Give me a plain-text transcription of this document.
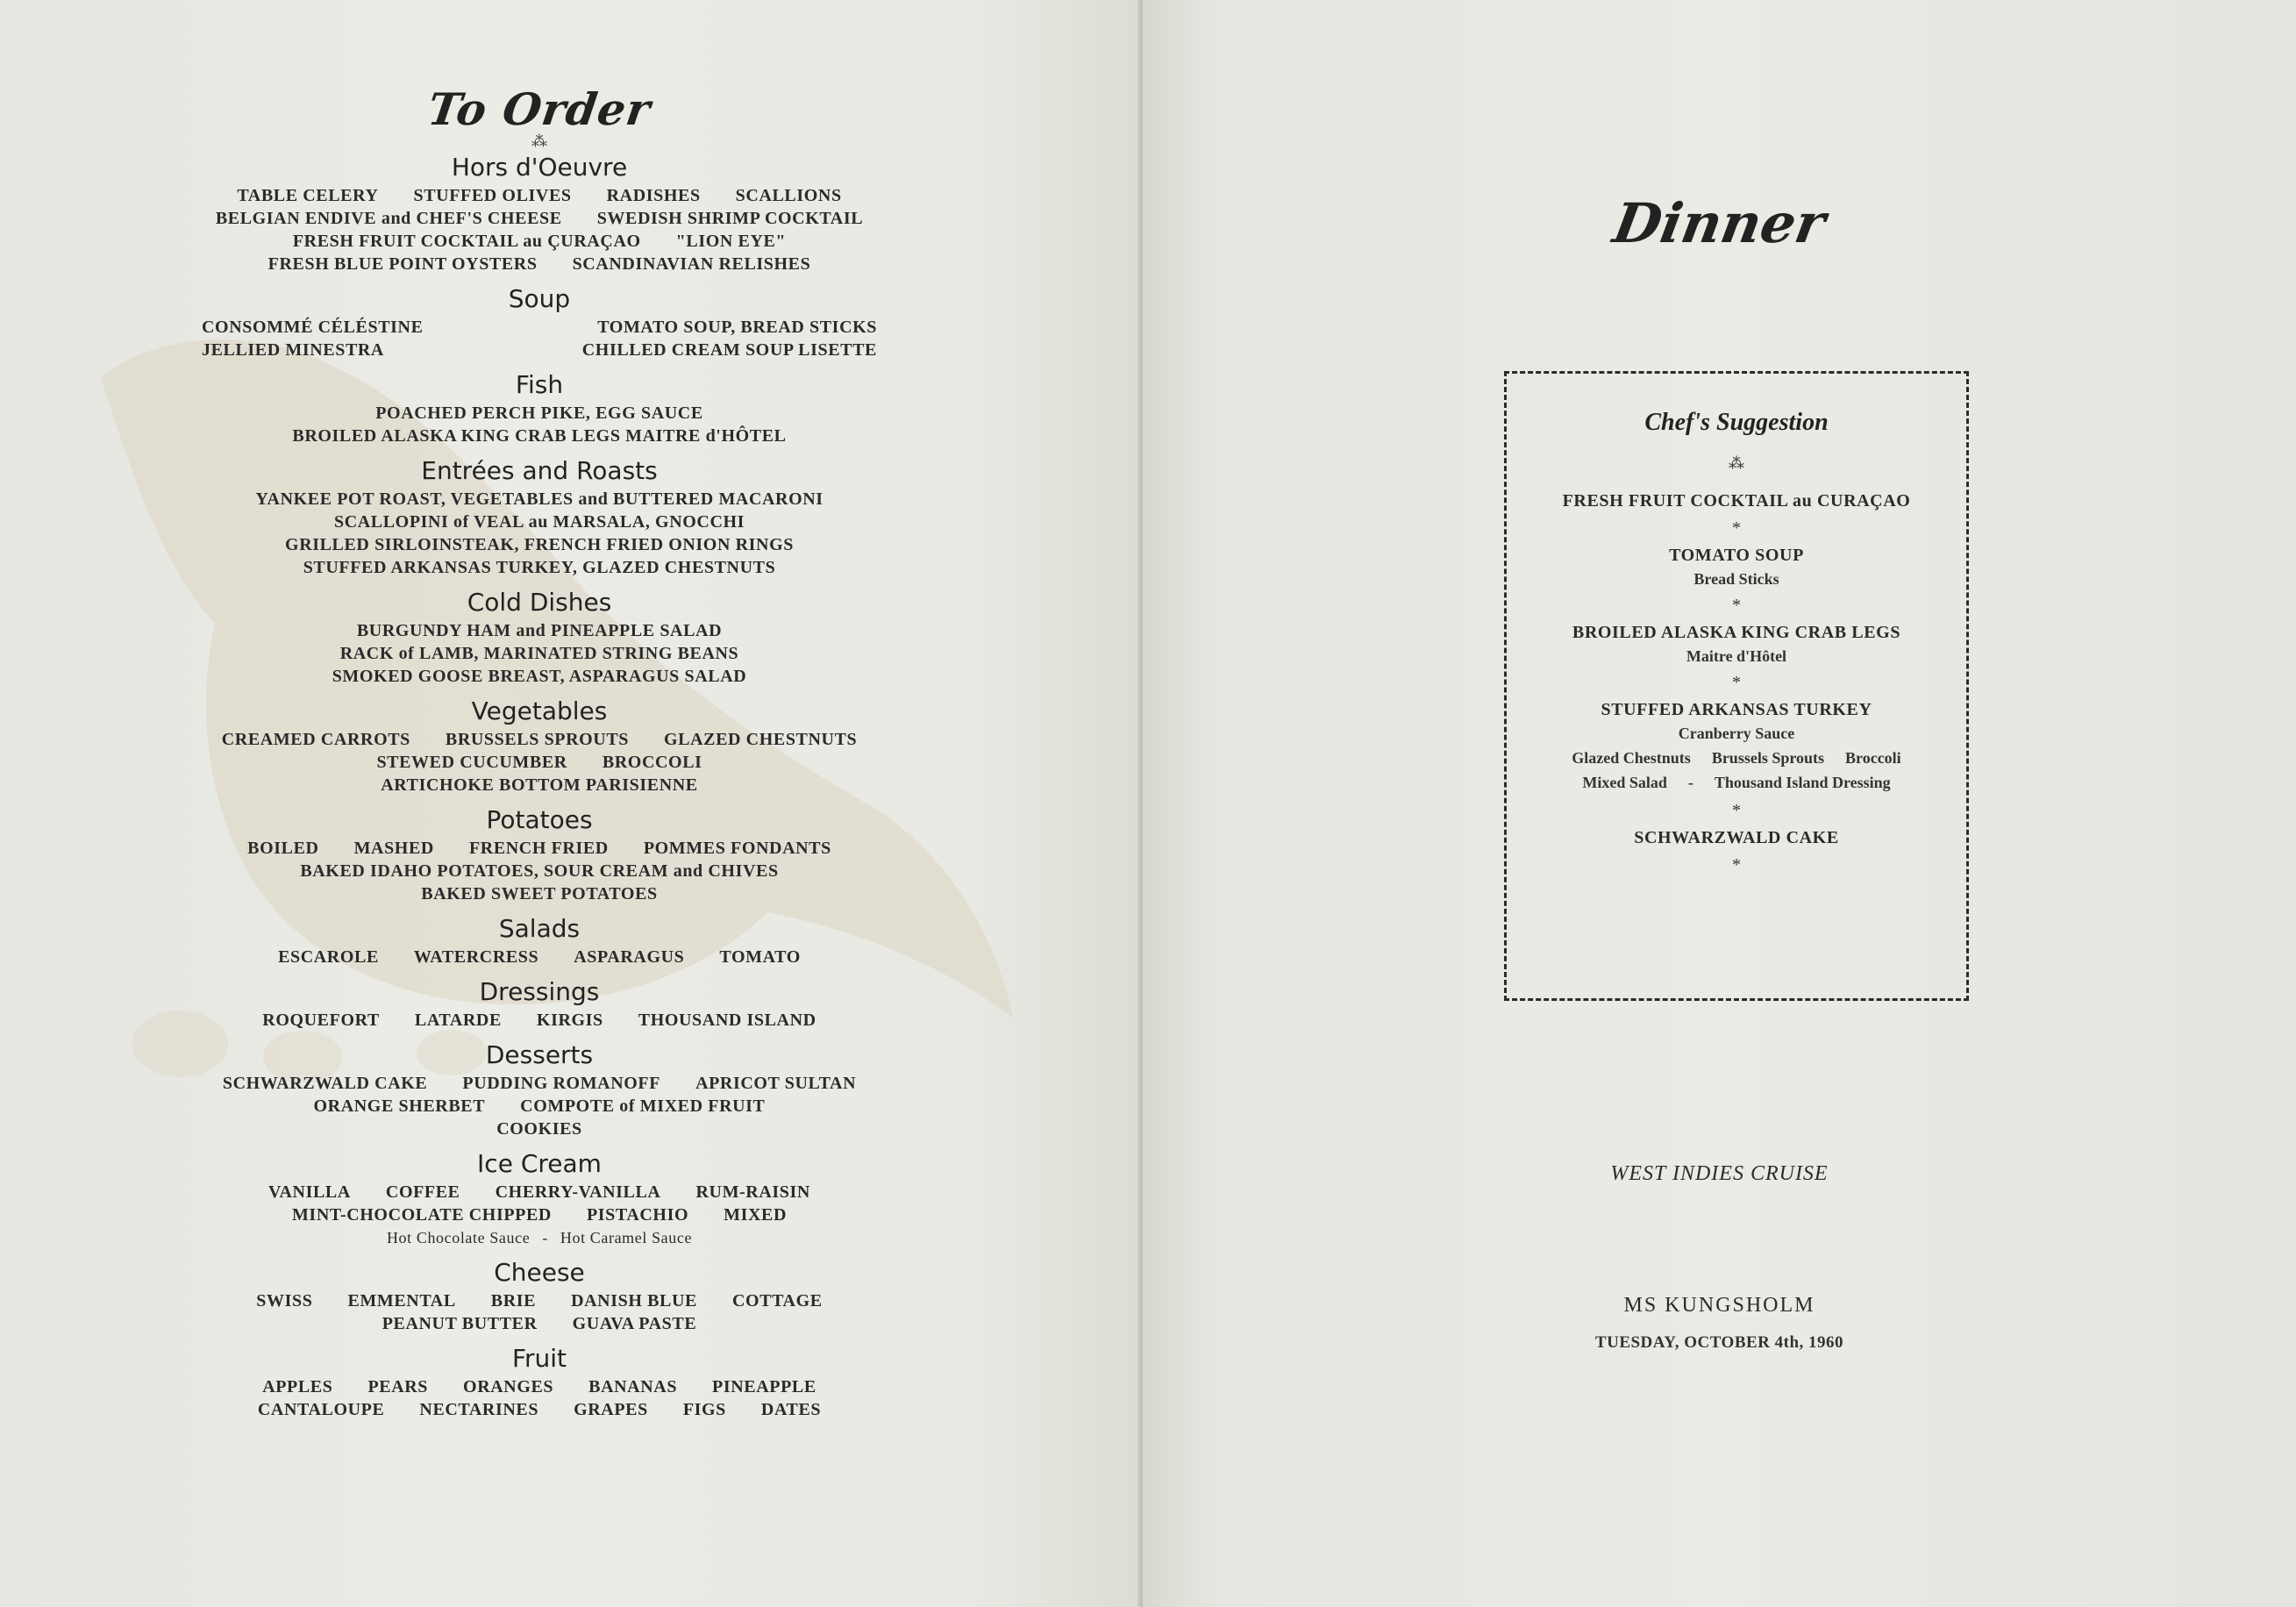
To Order
⁂
Hors d'Oeuvre
TABLE CELERY STUFFED OLIVES RADISHES SCALLIONS
BELGIAN ENDIVE and CHEF'S CHEESE SWEDISH SHRIMP COCKTAIL
FRESH FRUIT COCKTAIL au ÇURAÇAO "LION EYE"
FRESH BLUE POINT OYSTERS SCANDINAVIAN RELISHES
Soup
CONSOMMÉ CÉLÉSTINE	TOMATO SOUP, BREAD STICKS
JELLIED MINESTRA	CHILLED CREAM SOUP LISETTE
Fish
POACHED PERCH PIKE, EGG SAUCE
BROILED ALASKA KING CRAB LEGS MAITRE d'HÔTEL
Entrées and Roasts
YANKEE POT ROAST, VEGETABLES and BUTTERED MACARONI
SCALLOPINI of VEAL au MARSALA, GNOCCHI
GRILLED SIRLOINSTEAK, FRENCH FRIED ONION RINGS
STUFFED ARKANSAS TURKEY, GLAZED CHESTNUTS
Cold Dishes
BURGUNDY HAM and PINEAPPLE SALAD
RACK of LAMB, MARINATED STRING BEANS
SMOKED GOOSE BREAST, ASPARAGUS SALAD
Vegetables
CREAMED CARROTS BRUSSELS SPROUTS GLAZED CHESTNUTS
STEWED CUCUMBER BROCCOLI
ARTICHOKE BOTTOM PARISIENNE
Potatoes
BOILED MASHED FRENCH FRIED POMMES FONDANTS
BAKED IDAHO POTATOES, SOUR CREAM and CHIVES
BAKED SWEET POTATOES
Salads
ESCAROLE WATERCRESS ASPARAGUS TOMATO
Dressings
ROQUEFORT LATARDE KIRGIS THOUSAND ISLAND
Desserts
SCHWARZWALD CAKE PUDDING ROMANOFF APRICOT SULTAN
ORANGE SHERBET COMPOTE of MIXED FRUIT
COOKIES
Ice Cream
VANILLA COFFEE CHERRY-VANILLA RUM-RAISIN
MINT-CHOCOLATE CHIPPED PISTACHIO MIXED
Hot Chocolate Sauce - Hot Caramel Sauce
Cheese
SWISS EMMENTAL BRIE DANISH BLUE COTTAGE
PEANUT BUTTER GUAVA PASTE
Fruit
APPLES PEARS ORANGES BANANAS PINEAPPLE
CANTALOUPE NECTARINES GRAPES FIGS DATES
Dinner
Chef's Suggestion
⁂
FRESH FRUIT COCKTAIL au CURAÇAO
*
TOMATO SOUP
Bread Sticks
*
BROILED ALASKA KING CRAB LEGS
Maitre d'Hôtel
*
STUFFED ARKANSAS TURKEY
Cranberry Sauce
Glazed Chestnuts Brussels Sprouts Broccoli
Mixed Salad - Thousand Island Dressing
*
SCHWARZWALD CAKE
*
WEST INDIES CRUISE
MS KUNGSHOLM
TUESDAY, OCTOBER 4th, 1960
